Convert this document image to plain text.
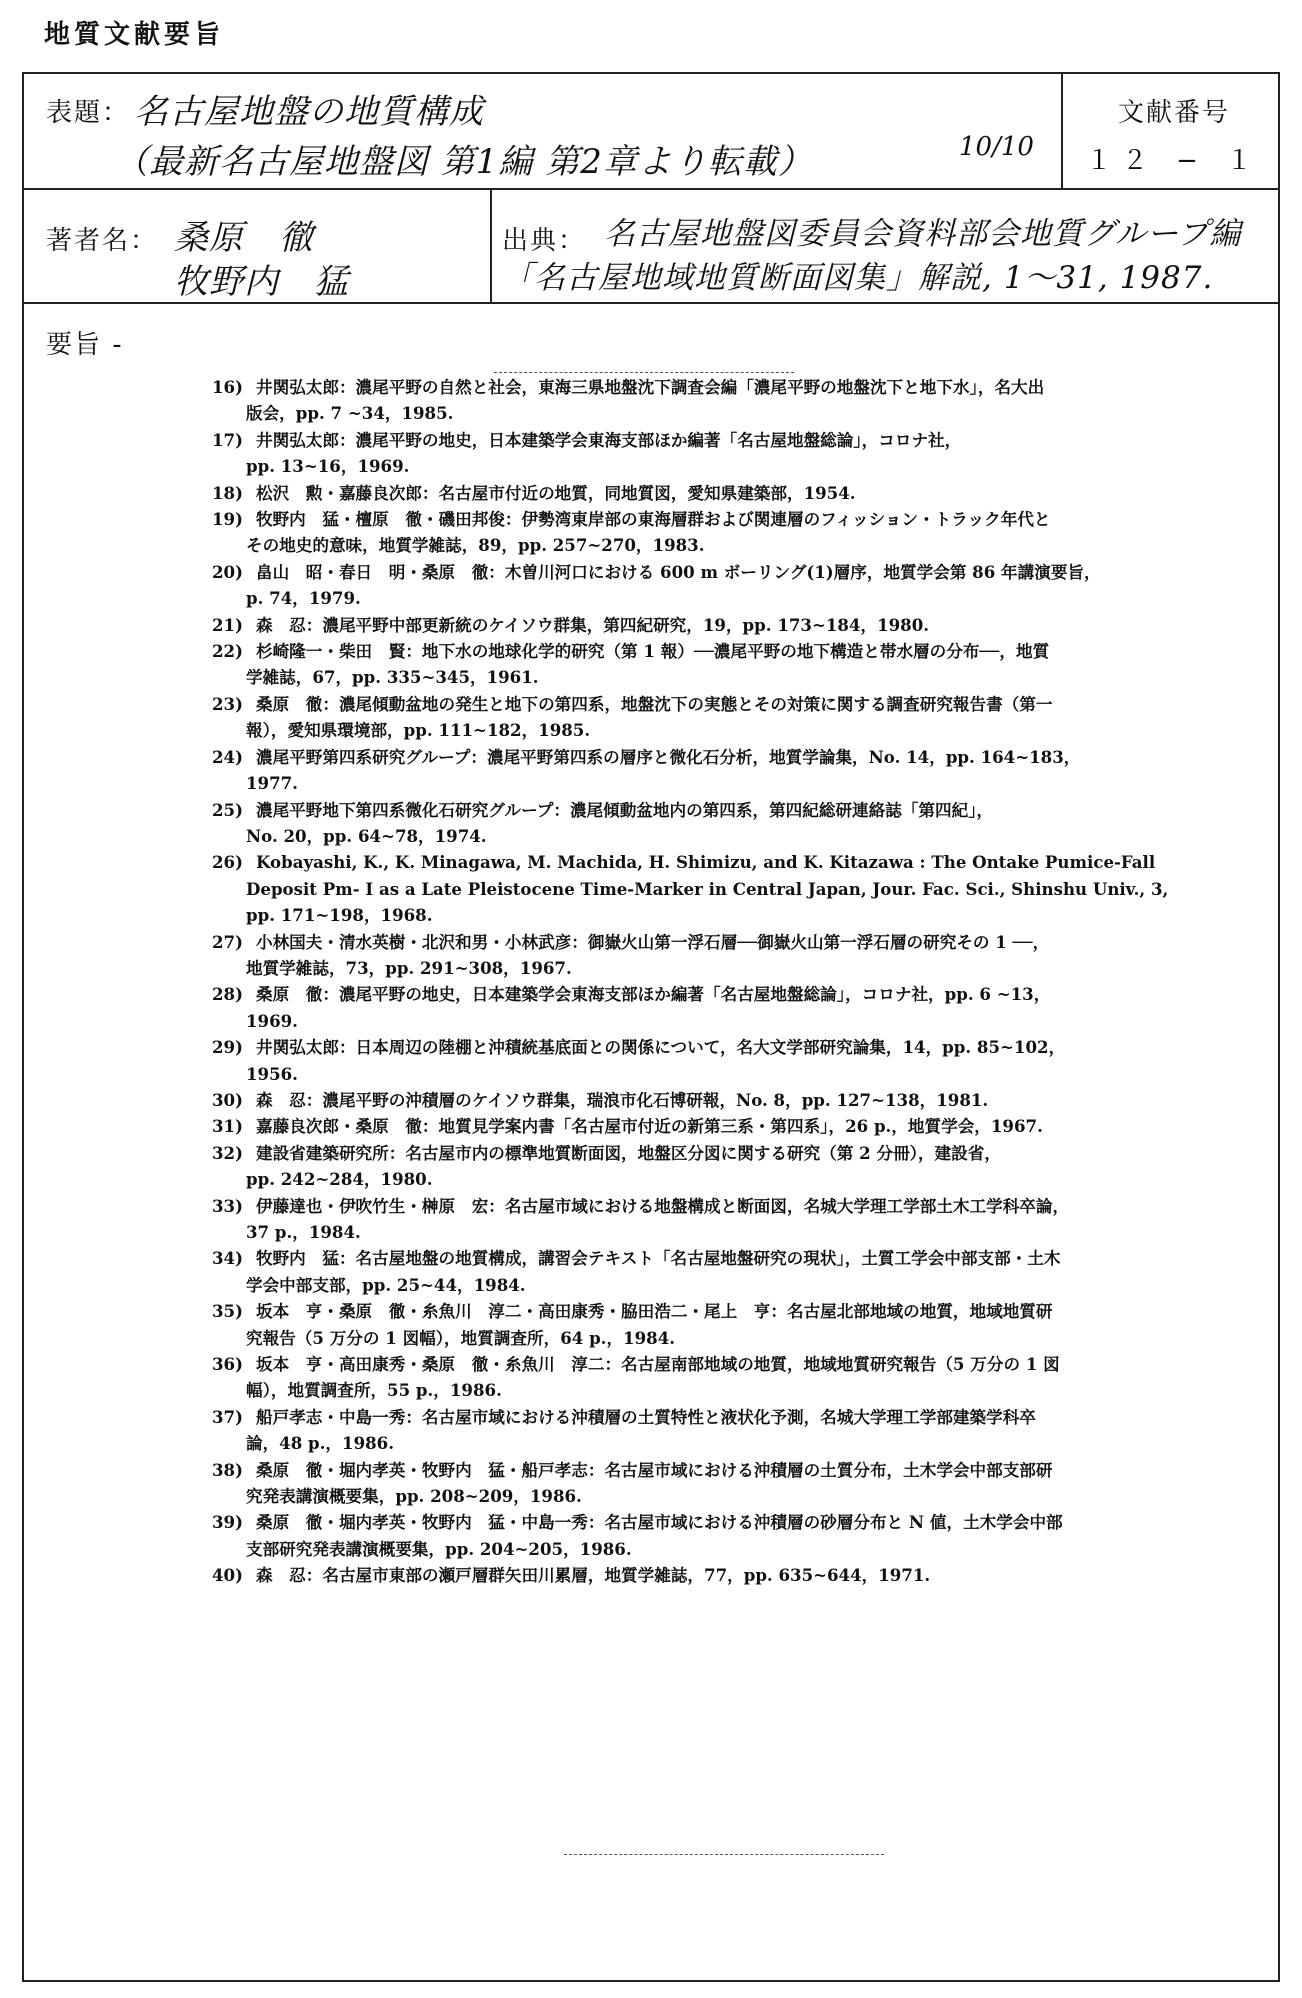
地質文献要旨
表題： 名古屋地盤の地質構成
（最新名古屋地盤図 第1編 第2章より転載）	10/10
文献番号
１２ − １
著者名： 桑原　徹
牧野内　猛
出典： 名古屋地盤図委員会資料部会地質グループ編
「名古屋地域地質断面図集」解説, 1〜31, 1987.
要旨 -
16) 井関弘太郎：濃尾平野の自然と社会，東海三県地盤沈下調査会編「濃尾平野の地盤沈下と地下水」，名大出
版会，pp. 7 ~34，1985.
17) 井関弘太郎：濃尾平野の地史，日本建築学会東海支部ほか編著「名古屋地盤総論」，コロナ社，
pp. 13~16，1969.
18) 松沢　勲・嘉藤良次郎：名古屋市付近の地質，同地質図，愛知県建築部，1954.
19) 牧野内　猛・檀原　徹・磯田邦俊：伊勢湾東岸部の東海層群および関連層のフィッション・トラック年代と
その地史的意味，地質学雑誌，89，pp. 257~270，1983.
20) 畠山　昭・春日　明・桑原　徹：木曽川河口における 600 m ボーリング(1)層序，地質学会第 86 年講演要旨，
p. 74，1979.
21) 森　忍：濃尾平野中部更新統のケイソウ群集，第四紀研究，19，pp. 173~184，1980.
22) 杉崎隆一・柴田　賢：地下水の地球化学的研究（第 1 報）──濃尾平野の地下構造と帯水層の分布──，地質
学雑誌，67，pp. 335~345，1961.
23) 桑原　徹：濃尾傾動盆地の発生と地下の第四系，地盤沈下の実態とその対策に関する調査研究報告書（第一
報），愛知県環境部，pp. 111~182，1985.
24) 濃尾平野第四系研究グループ：濃尾平野第四系の層序と微化石分析，地質学論集，No. 14，pp. 164~183，
1977.
25) 濃尾平野地下第四系微化石研究グループ：濃尾傾動盆地内の第四系，第四紀総研連絡誌「第四紀」，
No. 20，pp. 64~78，1974.
26) Kobayashi, K., K. Minagawa, M. Machida, H. Shimizu, and K. Kitazawa : The Ontake Pumice-Fall
Deposit Pm- I as a Late Pleistocene Time-Marker in Central Japan, Jour. Fac. Sci., Shinshu Univ., 3,
pp. 171~198，1968.
27) 小林国夫・清水英樹・北沢和男・小林武彦：御嶽火山第一浮石層──御嶽火山第一浮石層の研究その 1 ──，
地質学雑誌，73，pp. 291~308，1967.
28) 桑原　徹：濃尾平野の地史，日本建築学会東海支部ほか編著「名古屋地盤総論」，コロナ社，pp. 6 ~13，
1969.
29) 井関弘太郎：日本周辺の陸棚と沖積統基底面との関係について，名大文学部研究論集，14，pp. 85~102，
1956.
30) 森　忍：濃尾平野の沖積層のケイソウ群集，瑞浪市化石博研報，No. 8，pp. 127~138，1981.
31) 嘉藤良次郎・桑原　徹：地質見学案内書「名古屋市付近の新第三系・第四系」，26 p.，地質学会，1967.
32) 建設省建築研究所：名古屋市内の標準地質断面図，地盤区分図に関する研究（第 2 分冊），建設省，
pp. 242~284，1980.
33) 伊藤達也・伊吹竹生・榊原　宏：名古屋市域における地盤構成と断面図，名城大学理工学部土木工学科卒論，
37 p.，1984.
34) 牧野内　猛：名古屋地盤の地質構成，講習会テキスト「名古屋地盤研究の現状」，土質工学会中部支部・土木
学会中部支部，pp. 25~44，1984.
35) 坂本　亨・桑原　徹・糸魚川　淳二・高田康秀・脇田浩二・尾上　亨：名古屋北部地域の地質，地域地質研
究報告（5 万分の 1 図幅），地質調査所，64 p.，1984.
36) 坂本　亨・高田康秀・桑原　徹・糸魚川　淳二：名古屋南部地域の地質，地域地質研究報告（5 万分の 1 図
幅），地質調査所，55 p.，1986.
37) 船戸孝志・中島一秀：名古屋市域における沖積層の土質特性と液状化予測，名城大学理工学部建築学科卒
論，48 p.，1986.
38) 桑原　徹・堀内孝英・牧野内　猛・船戸孝志：名古屋市域における沖積層の土質分布，土木学会中部支部研
究発表講演概要集，pp. 208~209，1986.
39) 桑原　徹・堀内孝英・牧野内　猛・中島一秀：名古屋市域における沖積層の砂層分布と N 値，土木学会中部
支部研究発表講演概要集，pp. 204~205，1986.
40) 森　忍：名古屋市東部の瀬戸層群矢田川累層，地質学雑誌，77，pp. 635~644，1971.
